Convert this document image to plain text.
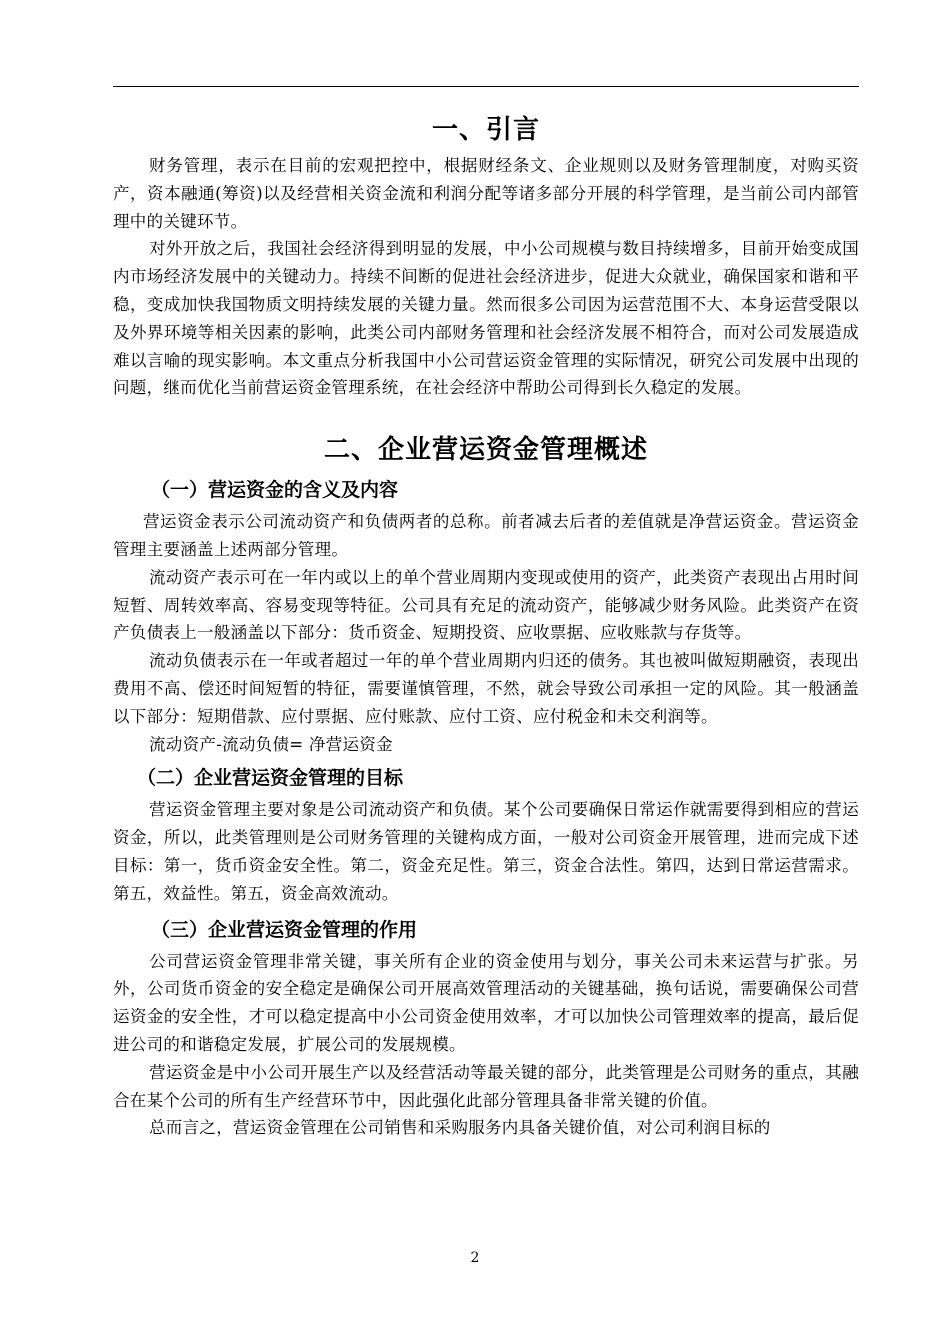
一、引言

财务管理，表示在目前的宏观把控中，根据财经条文、企业规则以及财务管理制度，对购买资产，资本融通(筹资)以及经营相关资金流和利润分配等诸多部分开展的科学管理，是当前公司内部管理中的关键环节。

对外开放之后，我国社会经济得到明显的发展，中小公司规模与数目持续增多，目前开始变成国内市场经济发展中的关键动力。持续不间断的促进社会经济进步，促进大众就业，确保国家和谐和平稳，变成加快我国物质文明持续发展的关键力量。然而很多公司因为运营范围不大、本身运营受限以及外界环境等相关因素的影响，此类公司内部财务管理和社会经济发展不相符合，而对公司发展造成难以言喻的现实影响。本文重点分析我国中小公司营运资金管理的实际情况，研究公司发展中出现的问题，继而优化当前营运资金管理系统，在社会经济中帮助公司得到长久稳定的发展。

二、企业营运资金管理概述
（一）营运资金的含义及内容

营运资金表示公司流动资产和负债两者的总称。前者减去后者的差值就是净营运资金。营运资金管理主要涵盖上述两部分管理。

流动资产表示可在一年内或以上的单个营业周期内变现或使用的资产，此类资产表现出占用时间短暂、周转效率高、容易变现等特征。公司具有充足的流动资产，能够减少财务风险。此类资产在资产负债表上一般涵盖以下部分：货币资金、短期投资、应收票据、应收账款与存货等。

流动负债表示在一年或者超过一年的单个营业周期内归还的债务。其也被叫做短期融资，表现出费用不高、偿还时间短暂的特征，需要谨慎管理，不然，就会导致公司承担一定的风险。其一般涵盖以下部分：短期借款、应付票据、应付账款、应付工资、应付税金和未交利润等。

流动资产-流动负债= 净营运资金

（二）企业营运资金管理的目标

营运资金管理主要对象是公司流动资产和负债。某个公司要确保日常运作就需要得到相应的营运资金，所以，此类管理则是公司财务管理的关键构成方面，一般对公司资金开展管理，进而完成下述目标：第一，货币资金安全性。第二，资金充足性。第三，资金合法性。第四，达到日常运营需求。第五，效益性。第五，资金高效流动。

（三）企业营运资金管理的作用

公司营运资金管理非常关键，事关所有企业的资金使用与划分，事关公司未来运营与扩张。另外，公司货币资金的安全稳定是确保公司开展高效管理活动的关键基础，换句话说，需要确保公司营运资金的安全性，才可以稳定提高中小公司资金使用效率，才可以加快公司管理效率的提高，最后促进公司的和谐稳定发展，扩展公司的发展规模。

营运资金是中小公司开展生产以及经营活动等最关键的部分，此类管理是公司财务的重点，其融合在某个公司的所有生产经营环节中，因此强化此部分管理具备非常关键的价值。

总而言之，营运资金管理在公司销售和采购服务内具备关键价值，对公司利润目标的

2
